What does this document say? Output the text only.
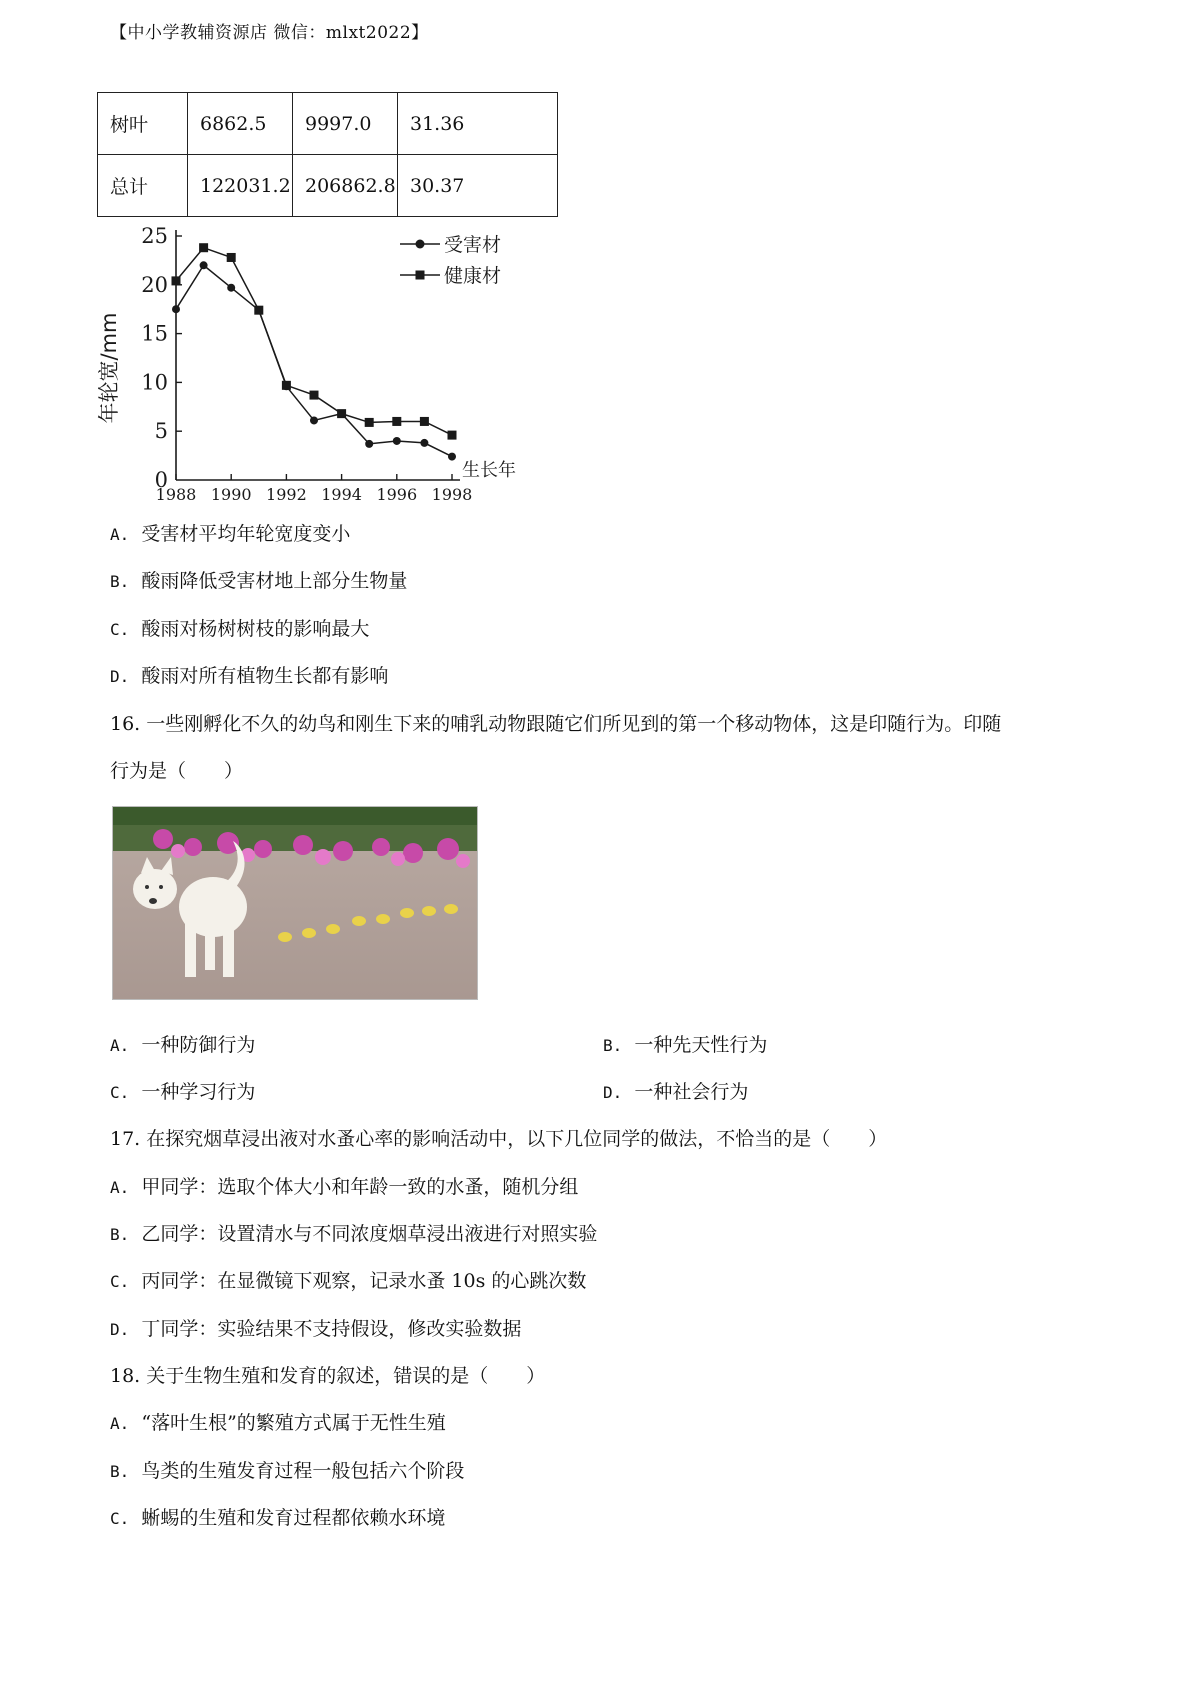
【中小学教辅资源店 微信：mlxt2022】
树叶	6862.5	9997.0	31.36
总计	122031.2	206862.8	30.37
0
5
10
15
20
25
1988 1990 1992 1994 1996 1998
年轮宽/mm
生长年
受害材
健康材
A. 受害材平均年轮宽度变小
B. 酸雨降低受害材地上部分生物量
C. 酸雨对杨树树枝的影响最大
D. 酸雨对所有植物生长都有影响
16. 一些刚孵化不久的幼鸟和刚生下来的哺乳动物跟随它们所见到的第一个移动物体，这是印随行为。印随
行为是（　　）
A. 一种防御行为	B. 一种先天性行为
C. 一种学习行为	D. 一种社会行为
17. 在探究烟草浸出液对水蚤心率的影响活动中，以下几位同学的做法，不恰当的是（　　）
A. 甲同学：选取个体大小和年龄一致的水蚤，随机分组
B. 乙同学：设置清水与不同浓度烟草浸出液进行对照实验
C. 丙同学：在显微镜下观察，记录水蚤 10s 的心跳次数
D. 丁同学：实验结果不支持假设，修改实验数据
18. 关于生物生殖和发育的叙述，错误的是（　　）
A. “落叶生根”的繁殖方式属于无性生殖
B. 鸟类的生殖发育过程一般包括六个阶段
C. 蜥蜴的生殖和发育过程都依赖水环境
